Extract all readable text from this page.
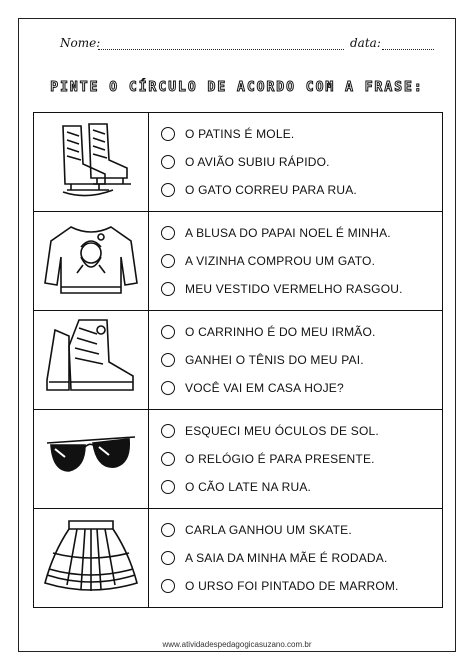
Nome:	data:
PINTE O CÍRCULO DE ACORDO COM A FRASE:

O PATINS É MOLE.
O AVIÃO SUBIU RÁPIDO.
O GATO CORREU PARA RUA.

A BLUSA DO PAPAI NOEL É MINHA.
A VIZINHA COMPROU UM GATO.
MEU VESTIDO VERMELHO RASGOU.

O CARRINHO É DO MEU IRMÃO.
GANHEI O TÊNIS DO MEU PAI.
VOCÊ VAI EM CASA HOJE?

ESQUECI MEU ÓCULOS DE SOL.
O RELÓGIO É PARA PRESENTE.
O CÃO LATE NA RUA.

CARLA GANHOU UM SKATE.
A SAIA DA MINHA MÃE É RODADA.
O URSO FOI PINTADO DE MARROM.
www.atividadespedagogicasuzano.com.br
